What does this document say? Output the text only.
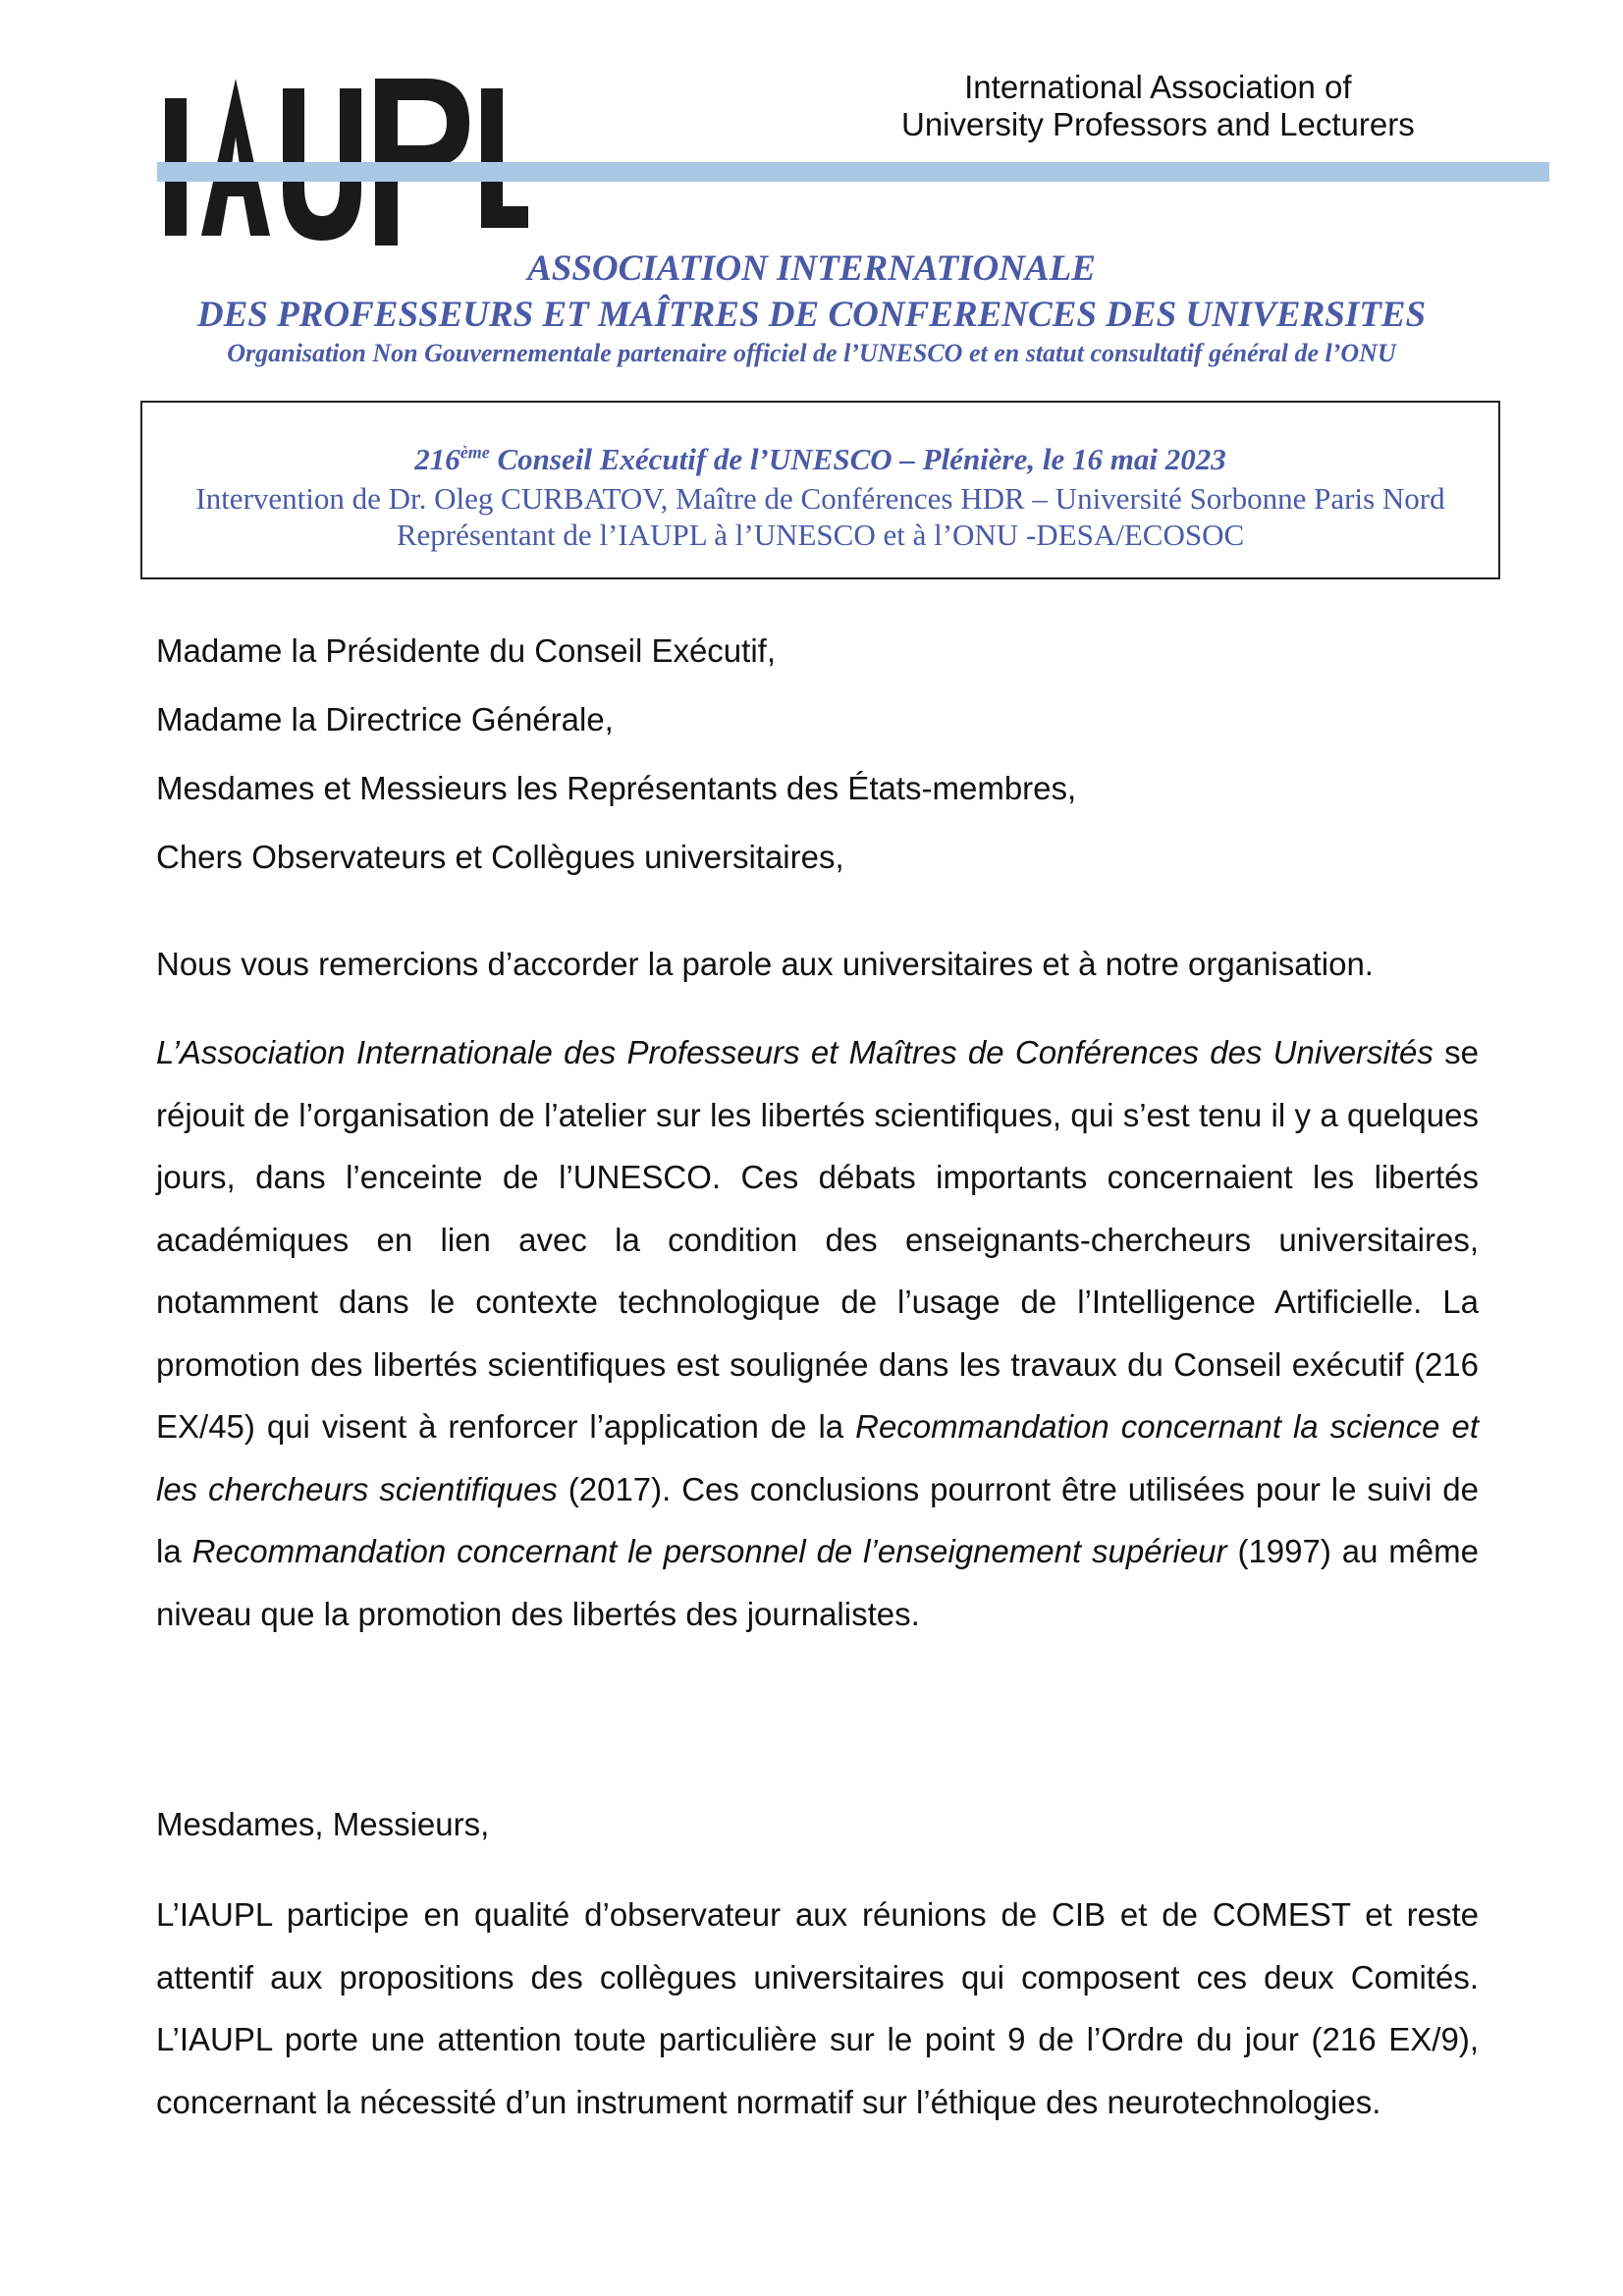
International Association of
University Professors and Lecturers
ASSOCIATION INTERNATIONALE
DES PROFESSEURS ET MAÎTRES DE CONFERENCES DES UNIVERSITES
Organisation Non Gouvernementale partenaire officiel de l’UNESCO et en statut consultatif général de l’ONU
216ème Conseil Exécutif de l’UNESCO – Plénière, le 16 mai 2023
Intervention de Dr. Oleg CURBATOV, Maître de Conférences HDR – Université Sorbonne Paris Nord
Représentant de l’IAUPL à l’UNESCO et à l’ONU -DESA/ECOSOC

Madame la Présidente du Conseil Exécutif,

Madame la Directrice Générale,

Mesdames et Messieurs les Représentants des États-membres,

Chers Observateurs et Collègues universitaires,

Nous vous remercions d’accorder la parole aux universitaires et à notre organisation.

L’Association Internationale des Professeurs et Maîtres de Conférences des Universités se réjouit de l’organisation de l’atelier sur les libertés scientifiques, qui s’est tenu il y a quelques jours, dans l’enceinte de l’UNESCO. Ces débats importants concernaient les libertés académiques en lien avec la condition des enseignants-chercheurs universitaires, notamment dans le contexte technologique de l’usage de l’Intelligence Artificielle. La promotion des libertés scientifiques est soulignée dans les travaux du Conseil exécutif (216 EX/45) qui visent à renforcer l’application de la Recommandation concernant la science et les chercheurs scientifiques (2017). Ces conclusions pourront être utilisées pour le suivi de la Recommandation concernant le personnel de l’enseignement supérieur (1997) au même niveau que la promotion des libertés des journalistes.

Mesdames, Messieurs,

L’IAUPL participe en qualité d’observateur aux réunions de CIB et de COMEST et reste attentif aux propositions des collègues universitaires qui composent ces deux Comités. L’IAUPL porte une attention toute particulière sur le point 9 de l’Ordre du jour (216 EX/9), concernant la nécessité d’un instrument normatif sur l’éthique des neurotechnologies.
